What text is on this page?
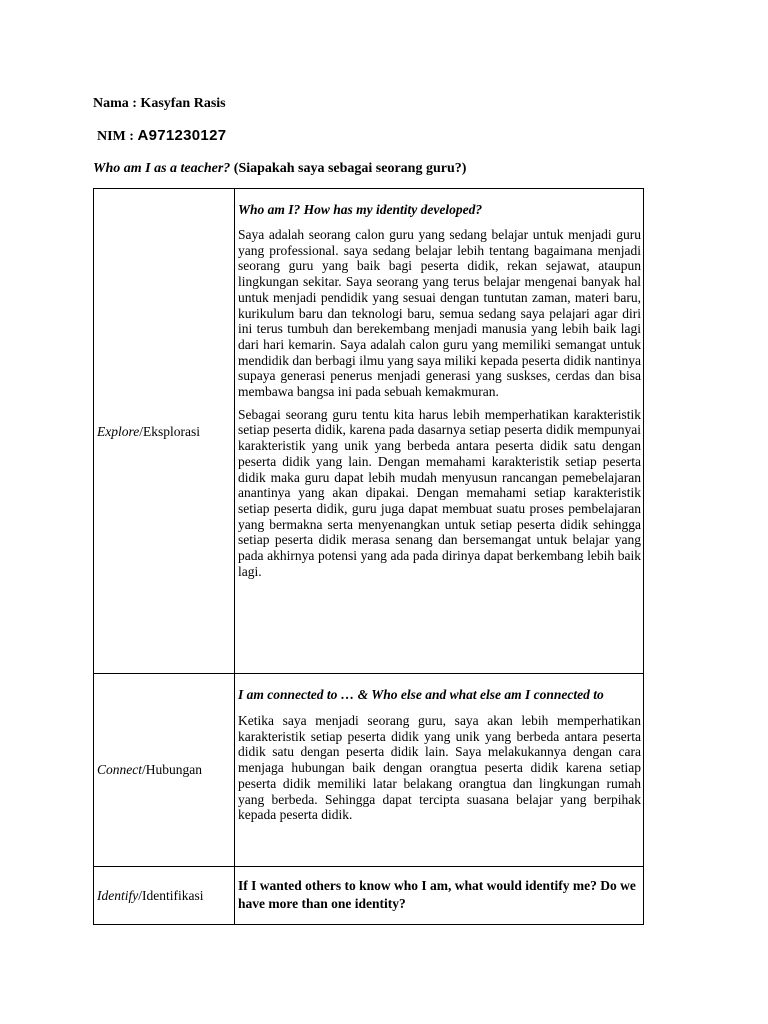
Nama : Kasyfan Rasis
NIM : A971230127
Who am I as a teacher? (Siapakah saya sebagai seorang guru?)
Explore/Eksplorasi	Who am I? How has my identity developed?

Saya adalah seorang calon guru yang sedang belajar untuk menjadi guru yang professional. saya sedang belajar lebih tentang bagaimana menjadi seorang guru yang baik bagi peserta didik, rekan sejawat, ataupun lingkungan sekitar. Saya seorang yang terus belajar mengenai banyak hal untuk menjadi pendidik yang sesuai dengan tuntutan zaman, materi baru, kurikulum baru dan teknologi baru, semua sedang saya pelajari agar diri ini terus tumbuh dan berekembang menjadi manusia yang lebih baik lagi dari hari kemarin. Saya adalah calon guru yang memiliki semangat untuk mendidik dan berbagi ilmu yang saya miliki kepada peserta didik nantinya supaya generasi penerus menjadi generasi yang suskses, cerdas dan bisa membawa bangsa ini pada sebuah kemakmuran.

Sebagai seorang guru tentu kita harus lebih memperhatikan karakteristik setiap peserta didik, karena pada dasarnya setiap peserta didik mempunyai karakteristik yang unik yang berbeda antara peserta didik satu dengan peserta didik yang lain. Dengan memahami karakteristik setiap peserta didik maka guru dapat lebih mudah menyusun rancangan pemebelajaran anantinya yang akan dipakai. Dengan memahami setiap karakteristik setiap peserta didik, guru juga dapat membuat suatu proses pembelajaran yang bermakna serta menyenangkan untuk setiap peserta didik sehingga setiap peserta didik merasa senang dan bersemangat untuk belajar yang pada akhirnya potensi yang ada pada dirinya dapat berkembang lebih baik lagi.

Connect/Hubungan	I am connected to … & Who else and what else am I connected to

Ketika saya menjadi seorang guru, saya akan lebih memperhatikan karakteristik setiap peserta didik yang unik yang berbeda antara peserta didik satu dengan peserta didik lain. Saya melakukannya dengan cara menjaga hubungan baik dengan orangtua peserta didik karena setiap peserta didik memiliki latar belakang orangtua dan lingkungan rumah yang berbeda. Sehingga dapat tercipta suasana belajar yang berpihak kepada peserta didik.

Identify/Identifikasi	If I wanted others to know who I am, what would identify me? Do we have more than one identity?
